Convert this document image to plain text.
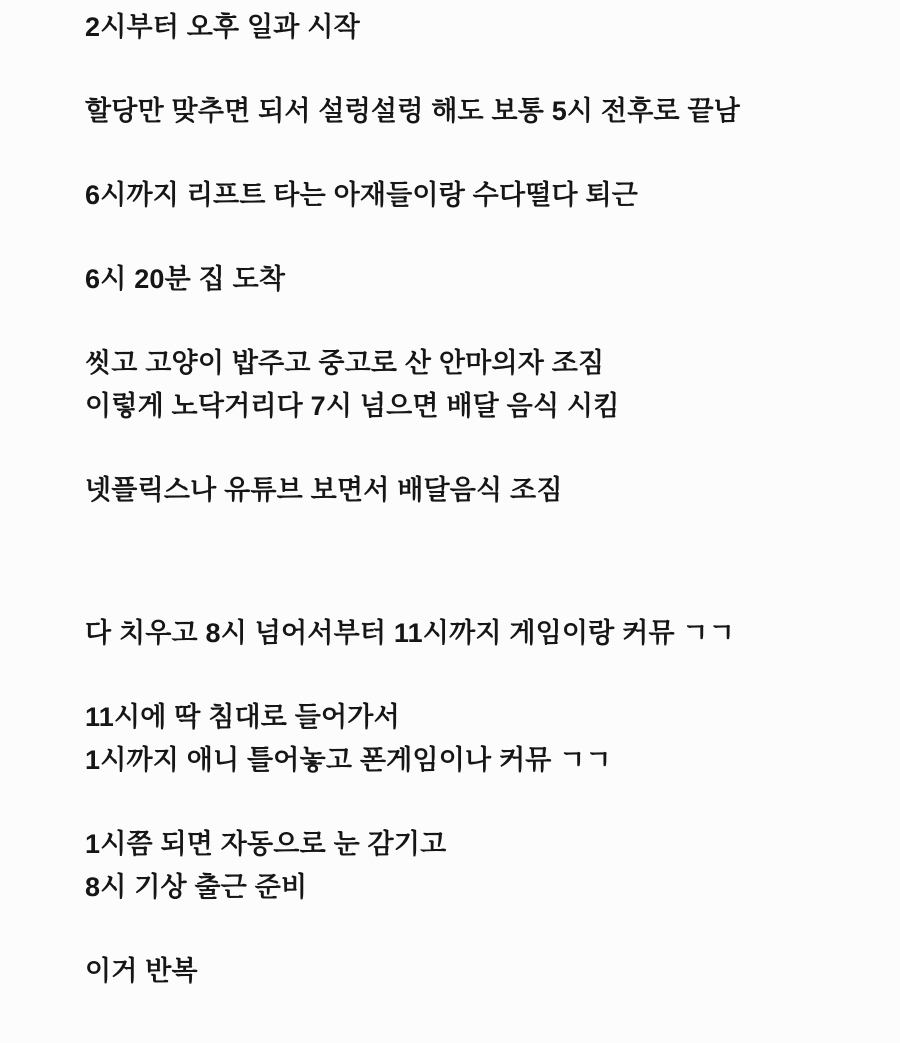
2시부터 오후 일과 시작
할당만 맞추면 되서 설렁설렁 해도 보통 5시 전후로 끝남
6시까지 리프트 타는 아재들이랑 수다떨다 퇴근
6시 20분 집 도착
씻고 고양이 밥주고 중고로 산 안마의자 조짐
이렇게 노닥거리다 7시 넘으면 배달 음식 시킴
넷플릭스나 유튜브 보면서 배달음식 조짐
다 치우고 8시 넘어서부터 11시까지 게임이랑 커뮤 ㄱㄱ
11시에 딱 침대로 들어가서
1시까지 애니 틀어놓고 폰게임이나 커뮤 ㄱㄱ
1시쯤 되면 자동으로 눈 감기고
8시 기상 출근 준비
이거 반복
